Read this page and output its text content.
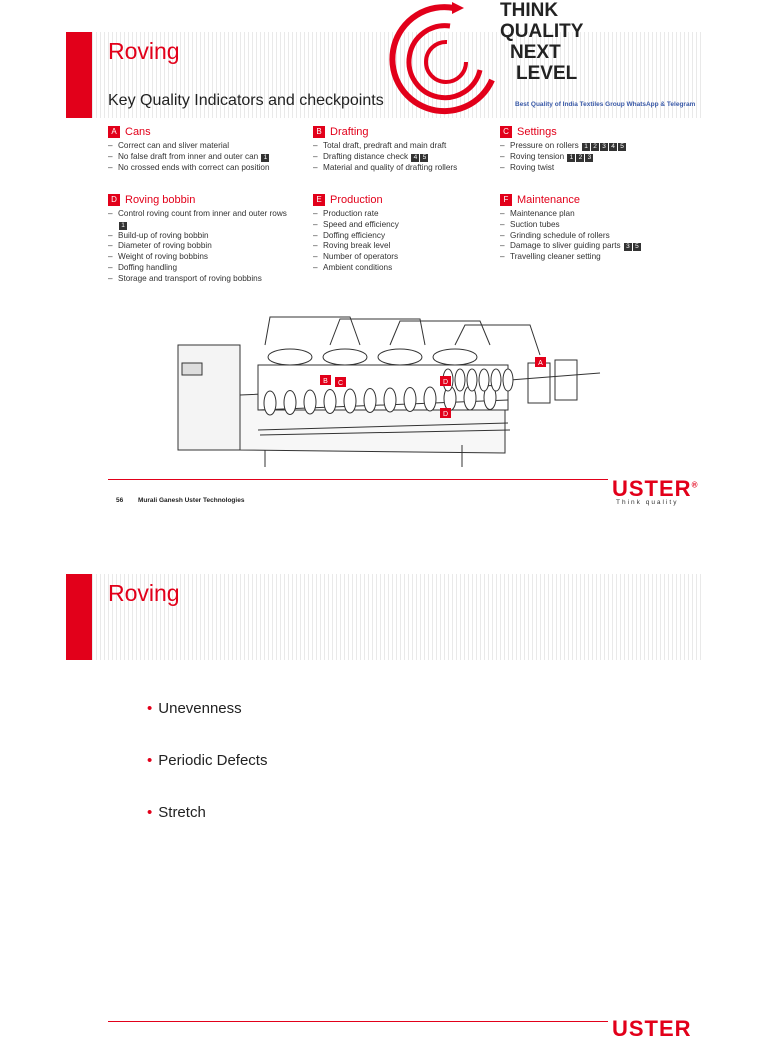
Roving
Key Quality Indicators and checkpoints
THINK
QUALITY
NEXT
LEVEL
Best Quality of India Textiles Group WhatsApp & Telegram
A Cans
– Correct can and sliver material
– No false draft from inner and outer can 1
– No crossed ends with correct can position
B Drafting
– Total draft, predraft and main draft
– Drafting distance check 4 5
– Material and quality of drafting rollers
C Settings
– Pressure on rollers 1 2 3 4 5
– Roving tension 1 2 3
– Roving twist
D Roving bobbin
– Control roving count from inner and outer rows 1
– Build-up of roving bobbin
– Diameter of roving bobbin
– Weight of roving bobbins
– Doffing handling
– Storage and transport of roving bobbins
E Production
– Production rate
– Speed and efficiency
– Doffing efficiency
– Roving break level
– Number of operators
– Ambient conditions
F Maintenance
– Maintenance plan
– Suction tubes
– Grinding schedule of rollers
– Damage to sliver guiding parts 3 5
– Travelling cleaner setting
B C	D
D
A
56 Murali Ganesh Uster Technologies	USTER®
Think quality
Roving
• Unevenness
• Periodic Defects
• Stretch
USTER
